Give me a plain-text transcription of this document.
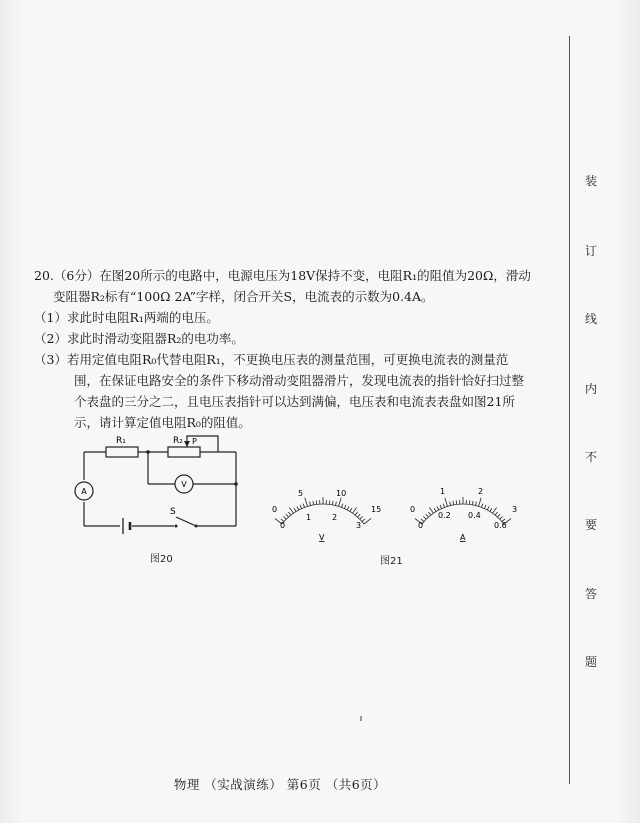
装
订
线
内
不
要
答
题
20.（6分）在图20所示的电路中，电源电压为18V保持不变，电阻R₁的阻值为20Ω，滑动
变阻器R₂标有“100Ω 2A”字样，闭合开关S，电流表的示数为0.4A。
（1）求此时电阻R₁两端的电压。
（2）求此时滑动变阻器R₂的电功率。
（3）若用定值电阻R₀代替电阻R₁，不更换电压表的测量范围，可更换电流表的测量范
围，在保证电路安全的条件下移动滑动变阻器滑片，发现电流表的指针恰好扫过整
个表盘的三分之二，且电压表指针可以达到满偏，电压表和电流表表盘如图21所
示，请计算定值电阻R₀的阻值。
R₁	R₂ P
A
V
S
图20
0
5	10
15
0
1	2
3
V
0
1	2
3
0
0.2 0.4
0.6
A
图21
物理 （实战演练） 第6页 （共6页）
